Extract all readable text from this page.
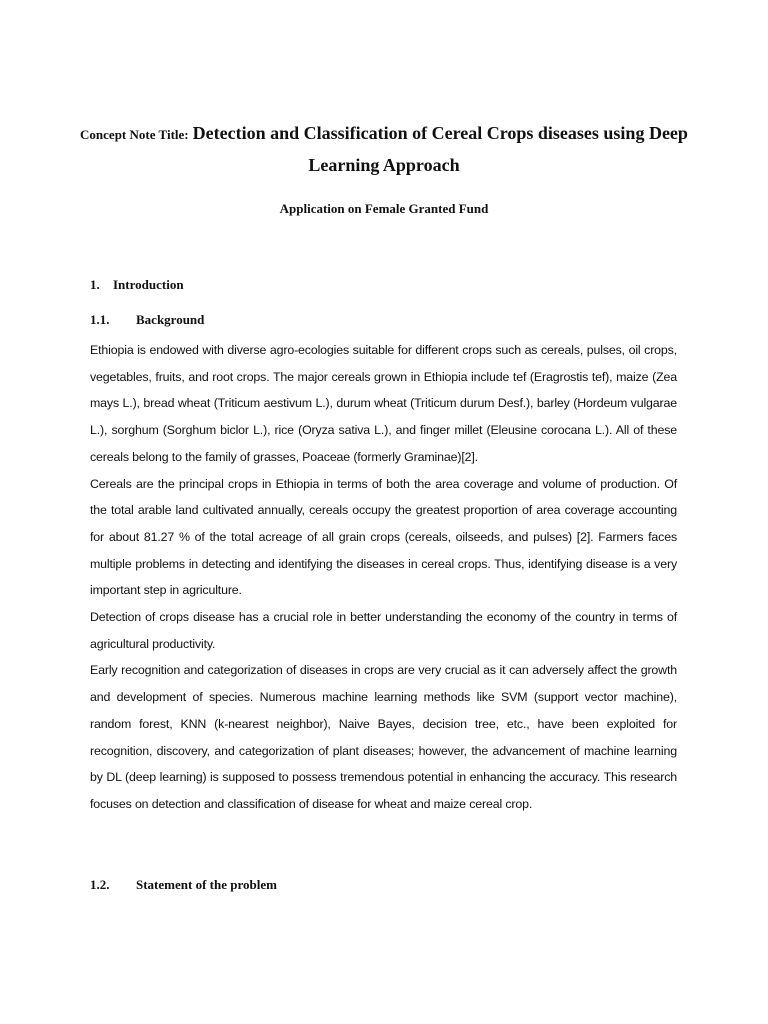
Concept Note Title: Detection and Classification of Cereal Crops diseases using Deep Learning Approach
Application on Female Granted Fund
1. Introduction
1.1. Background

Ethiopia is endowed with diverse agro-ecologies suitable for different crops such as cereals, pulses, oil crops, vegetables, fruits, and root crops. The major cereals grown in Ethiopia include tef (Eragrostis tef), maize (Zea mays L.), bread wheat (Triticum aestivum L.), durum wheat (Triticum durum Desf.), barley (Hordeum vulgarae L.), sorghum (Sorghum biclor L.), rice (Oryza sativa L.), and finger millet (Eleusine corocana L.). All of these cereals belong to the family of grasses, Poaceae (formerly Graminae)[2].

Cereals are the principal crops in Ethiopia in terms of both the area coverage and volume of production. Of the total arable land cultivated annually, cereals occupy the greatest proportion of area coverage accounting for about 81.27 % of the total acreage of all grain crops (cereals, oilseeds, and pulses) [2]. Farmers faces multiple problems in detecting and identifying the diseases in cereal crops. Thus, identifying disease is a very important step in agriculture.

Detection of crops disease has a crucial role in better understanding the economy of the country in terms of agricultural productivity.

Early recognition and categorization of diseases in crops are very crucial as it can adversely affect the growth and development of species. Numerous machine learning methods like SVM (support vector machine), random forest, KNN (k-nearest neighbor), Naive Bayes, decision tree, etc., have been exploited for recognition, discovery, and categorization of plant diseases; however, the advancement of machine learning by DL (deep learning) is supposed to possess tremendous potential in enhancing the accuracy. This research focuses on detection and classification of disease for wheat and maize cereal crop.

1.2. Statement of the problem
